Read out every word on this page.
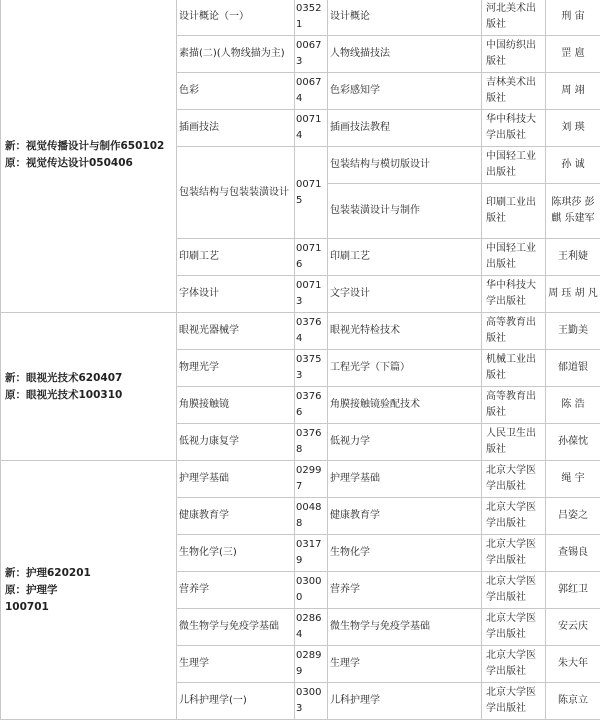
新：视觉传播设计与制作650102
原：视觉传达设计050406	设计概论（一）	03521	设计概论	河北美术出版社	刑 宙
	素描(二)(人物线描为主)	00673	人物线描技法	中国纺织出版社	罡 扈
	色彩	00674	色彩感知学	吉林美术出版社	周 翊
	插画技法	00714	插画技法教程	华中科技大学出版社	刘 瑛
	包装结构与包装装潢设计	00715	包装结构与模切版设计	中国轻工业出版社	孙 诚
			包装装潢设计与制作	印刷工业出版社	陈琪莎 彭 麒 乐建军
	印刷工艺	00716	印刷工艺	中国轻工业出版社	王利婕
	字体设计	00713	文字设计	华中科技大学出版社	周 珏 胡 凡

新：眼视光技术620407
原：眼视光技术100310	眼视光器械学	03764	眼视光特检技术	高等教育出版社	王勤美
	物理光学	03753	工程光学（下篇）	机械工业出版社	郁道银
	角膜接触镜	03766	角膜接触镜验配技术	高等教育出版社	陈 浩
	低视力康复学	03768	低视力学	人民卫生出版社	孙葆忱

新：护理620201
原：护理学
100701	护理学基础	02997	护理学基础	北京大学医学出版社	绳 宇
	健康教育学	00488	健康教育学	北京大学医学出版社	吕姿之
	生物化学(三)	03179	生物化学	北京大学医学出版社	查锡良
	营养学	03000	营养学	北京大学医学出版社	郭红卫
	微生物学与免疫学基础	02864	微生物学与免疫学基础	北京大学医学出版社	安云庆
	生理学	02899	生理学	北京大学医学出版社	朱大年
	儿科护理学(一)	03003	儿科护理学	北京大学医学出版社	陈京立
